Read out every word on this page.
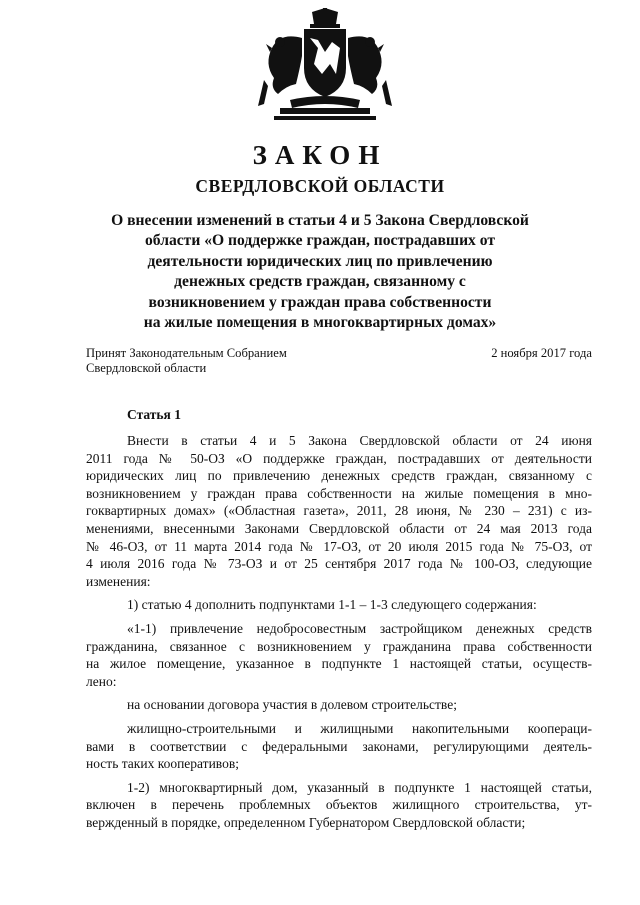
ЗАКОН
СВЕРДЛОВСКОЙ ОБЛАСТИ
О внесении изменений в статьи 4 и 5 Закона Свердловской
области «О поддержке граждан, пострадавших от
деятельности юридических лиц по привлечению
денежных средств граждан, связанному с
возникновением у граждан права собственности
на жилые помещения в многоквартирных домах»
Принят Законодательным Собранием
Свердловской области
2 ноября 2017 года
Статья 1
Внести в статьи 4 и 5 Закона Свердловской области от 24 июня
2011 года № 50-ОЗ «О поддержке граждан, пострадавших от деятельности
юридических лиц по привлечению денежных средств граждан, связанному с
возникновением у граждан права собственности на жилые помещения в мно-
гоквартирных домах» («Областная газета», 2011, 28 июня, № 230 – 231) с из-
менениями, внесенными Законами Свердловской области от 24 мая 2013 года
№ 46-ОЗ, от 11 марта 2014 года № 17-ОЗ, от 20 июля 2015 года № 75-ОЗ, от
4 июля 2016 года № 73-ОЗ и от 25 сентября 2017 года № 100-ОЗ, следующие
изменения:
1) статью 4 дополнить подпунктами 1-1 – 1-3 следующего содержания:
«1-1) привлечение недобросовестным застройщиком денежных средств
гражданина, связанное с возникновением у гражданина права собственности
на жилое помещение, указанное в подпункте 1 настоящей статьи, осуществ-
лено:
на основании договора участия в долевом строительстве;
жилищно-строительными и жилищными накопительными коопераци-
вами в соответствии с федеральными законами, регулирующими деятель-
ность таких кооперативов;
1-2) многоквартирный дом, указанный в подпункте 1 настоящей статьи,
включен в перечень проблемных объектов жилищного строительства, ут-
вержденный в порядке, определенном Губернатором Свердловской области;
